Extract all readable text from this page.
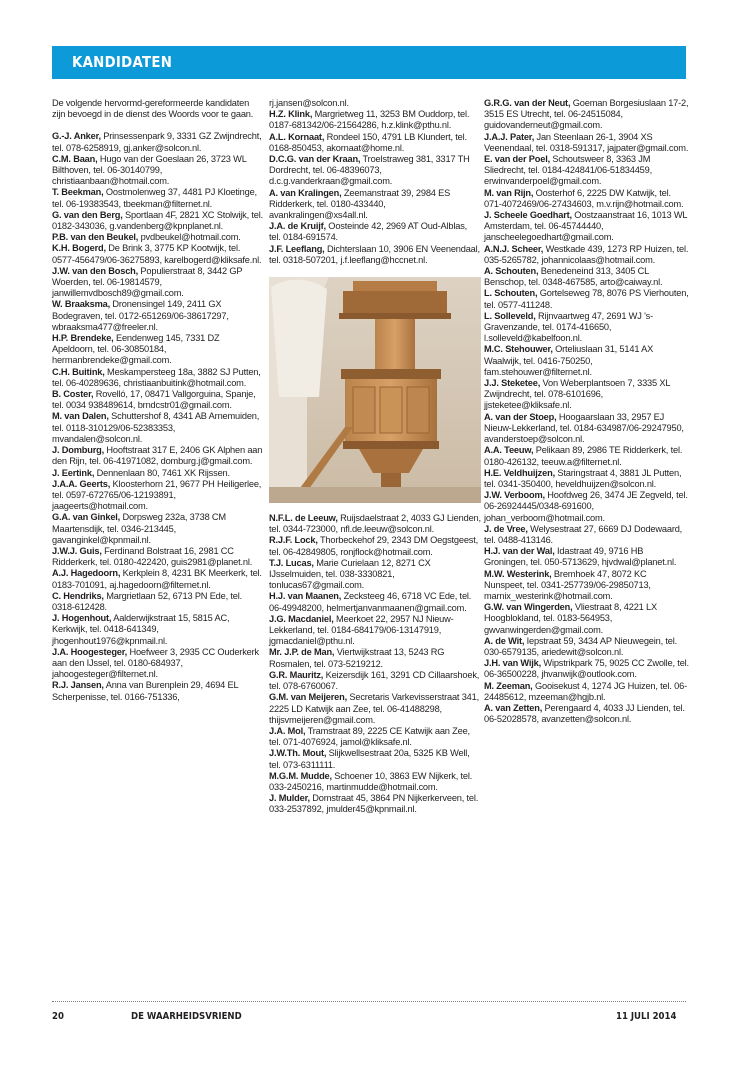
KANDIDATEN

De volgende hervormd-gereformeerde kandidaten zijn bevoegd in de dienst des Woords voor te gaan.

G.-J. Anker, Prinsessenpark 9, 3331 GZ Zwijndrecht, tel. 078-6258919, gj.anker@solcon.nl.

C.M. Baan, Hugo van der Goeslaan 26, 3723 WL Bilthoven, tel. 06-30140799, christiaanbaan@hotmail.com.

T. Beekman, Oostmolenweg 37, 4481 PJ Kloetinge, tel. 06-19383543, tbeekman@filternet.nl.

G. van den Berg, Sportlaan 4F, 2821 XC Stolwijk, tel. 0182-343036, g.vandenberg@kpnplanet.nl.

P.B. van den Beukel, pvdbeukel@hotmail.com.

K.H. Bogerd, De Brink 3, 3775 KP Kootwijk, tel. 0577-456479/06-36275893, karelbogerd@kliksafe.nl.

J.W. van den Bosch, Populierstraat 8, 3442 GP Woerden, tel. 06-19814579, janwillemvdbosch89@gmail.com.

W. Braaksma, Dronensingel 149, 2411 GX Bodegraven, tel. 0172-651269/06-38617297, wbraaksma477@freeler.nl.

H.P. Brendeke, Eendenweg 145, 7331 DZ Apeldoorn, tel. 06-30850184, hermanbrendeke@gmail.com.

C.H. Buitink, Meskampersteeg 18a, 3882 SJ Putten, tel. 06-40289636, christiaanbuitink@hotmail.com.

B. Coster, Rovelló, 17, 08471 Vallgorguina, Spanje, tel. 0034 938489614, brndcstr01@gmail.com.

M. van Dalen, Schuttershof 8, 4341 AB Arnemuiden, tel. 0118-310129/06-52383353, mvandalen@solcon.nl.

J. Domburg, Hooftstraat 317 E, 2406 GK Alphen aan den Rijn, tel. 06-41971082, domburg.j@gmail.com.

J. Eertink, Dennenlaan 80, 7461 XK Rijssen.

J.A.A. Geerts, Kloosterhorn 21, 9677 PH Heiligerlee, tel. 0597-672765/06-12193891, jaageerts@hotmail.com.

G.A. van Ginkel, Dorpsweg 232a, 3738 CM Maartensdijk, tel. 0346-213445, gavanginkel@kpnmail.nl.

J.W.J. Guis, Ferdinand Bolstraat 16, 2981 CC Ridderkerk, tel. 0180-422420, guis2981@planet.nl.

A.J. Hagedoorn, Kerkplein 8, 4231 BK Meerkerk, tel. 0183-701091, aj.hagedoorn@filternet.nl.

C. Hendriks, Margrietlaan 52, 6713 PN Ede, tel. 0318-612428.

J. Hogenhout, Aalderwijkstraat 15, 5815 AC, Kerkwijk, tel. 0418-641349, jhogenhout1976@kpnmail.nl.

J.A. Hoogesteger, Hoefweer 3, 2935 CC Ouderkerk aan den IJssel, tel. 0180-684937, jahoogesteger@filternet.nl.

R.J. Jansen, Anna van Burenplein 29, 4694 EL Scherpenisse, tel. 0166-751336,

rj.jansen@solcon.nl.

H.Z. Klink, Margrietweg 11, 3253 BM Ouddorp, tel. 0187-681342/06-21564286, h.z.klink@pthu.nl.

A.L. Kornaat, Rondeel 150, 4791 LB Klundert, tel. 0168-850453, akornaat@home.nl.

D.C.G. van der Kraan, Troelstraweg 381, 3317 TH Dordrecht, tel. 06-48396073, d.c.g.vanderkraan@gmail.com.

A. van Kralingen, Zeemanstraat 39, 2984 ES Ridderkerk, tel. 0180-433440, avankralingen@xs4all.nl.

J.A. de Kruijf, Oosteinde 42, 2969 AT Oud-Alblas, tel. 0184-691574.

J.F. Leeflang, Dichterslaan 10, 3906 EN Veenendaal, tel. 0318-507201, j.f.leeflang@hccnet.nl.

N.F.L. de Leeuw, Ruijsdaelstraat 2, 4033 GJ Lienden, tel. 0344-723000, nfl.de.leeuw@solcon.nl.

R.J.F. Lock, Thorbeckehof 29, 2343 DM Oegstgeest, tel. 06-42849805, ronjflock@hotmail.com.

T.J. Lucas, Marie Curielaan 12, 8271 CX IJsselmuiden, tel. 038-3330821, tonlucas67@gmail.com.

H.J. van Maanen, Zecksteeg 46, 6718 VC Ede, tel. 06-49948200, helmertjanvanmaanen@gmail.com.

J.G. Macdaniel, Meerkoet 22, 2957 NJ Nieuw-Lekkerland, tel. 0184-684179/06-13147919, jgmacdaniel@pthu.nl.

Mr. J.P. de Man, Viertwijkstraat 13, 5243 RG Rosmalen, tel. 073-5219212.

G.R. Mauritz, Keizersdijk 161, 3291 CD Cillaarshoek, tel. 078-6760067.

G.M. van Meijeren, Secretaris Varkevisserstraat 341, 2225 LD Katwijk aan Zee, tel. 06-41488298, thijsvmeijeren@gmail.com.

J.A. Mol, Tramstraat 89, 2225 CE Katwijk aan Zee, tel. 071-4076924, jamol@kliksafe.nl.

J.W.Th. Mout, Slijkwellsestraat 20a, 5325 KB Well, tel. 073-6311111.

M.G.M. Mudde, Schoener 10, 3863 EW Nijkerk, tel. 033-2450216, martinmudde@hotmail.com.

J. Mulder, Domstraat 45, 3864 PN Nijkerkerveen, tel. 033-2537892, jmulder45@kpnmail.nl.

G.R.G. van der Neut, Goeman Borgesiuslaan 17-2, 3515 ES Utrecht, tel. 06-24515084, guidovanderneut@gmail.com.

J.A.J. Pater, Jan Steenlaan 26-1, 3904 XS Veenendaal, tel. 0318-591317, jajpater@gmail.com.

E. van der Poel, Schoutsweer 8, 3363 JM Sliedrecht, tel. 0184-424841/06-51834459, erwinvanderpoel@gmail.com.

M. van Rijn, Oosterhof 6, 2225 DW Katwijk, tel. 071-4072469/06-27434603, m.v.rijn@hotmail.com.

J. Scheele Goedhart, Oostzaanstraat 16, 1013 WL Amsterdam, tel. 06-45744440, janscheelegoedhart@gmail.com.

A.N.J. Scheer, Westkade 439, 1273 RP Huizen, tel. 035-5265782, johannicolaas@hotmail.com.

A. Schouten, Benedeneind 313, 3405 CL Benschop, tel. 0348-467585, arto@caiway.nl.

L. Schouten, Gortelseweg 78, 8076 PS Vierhouten, tel. 0577-411248.

L. Solleveld, Rijnvaartweg 47, 2691 WJ 's-Gravenzande, tel. 0174-416650, l.solleveld@kabelfoon.nl.

M.C. Stehouwer, Orteliuslaan 31, 5141 AX Waalwijk, tel. 0416-750250, fam.stehouwer@filternet.nl.

J.J. Steketee, Von Weberplantsoen 7, 3335 XL Zwijndrecht, tel. 078-6101696, jjsteketee@kliksafe.nl.

A. van der Stoep, Hoogaarslaan 33, 2957 EJ Nieuw-Lekkerland, tel. 0184-634987/06-29247950, avanderstoep@solcon.nl.

A.A. Teeuw, Pelikaan 89, 2986 TE Ridderkerk, tel. 0180-426132, teeuw.a@filternet.nl.

H.E. Veldhuijzen, Staringstraat 4, 3881 JL Putten, tel. 0341-350400, heveldhuijzen@solcon.nl.

J.W. Verboom, Hoofdweg 26, 3474 JE Zegveld, tel. 06-26924445/0348-691600, johan_verboom@hotmail.com.

J. de Vree, Welysestraat 27, 6669 DJ Dodewaard, tel. 0488-413146.

H.J. van der Wal, Idastraat 49, 9716 HB Groningen, tel. 050-5713629, hjvdwal@planet.nl.

M.W. Westerink, Bremhoek 47, 8072 KC Nunspeet, tel. 0341-257739/06-29850713, marnix_westerink@hotmail.com.

G.W. van Wingerden, Vliestraat 8, 4221 LX Hoogblokland, tel. 0183-564953, gwvanwingerden@gmail.com.

A. de Wit, Iepstraat 59, 3434 AP Nieuwegein, tel. 030-6579135, ariedewit@solcon.nl.

J.H. van Wijk, Wipstrikpark 75, 9025 CC Zwolle, tel. 06-36500228, jhvanwijk@outlook.com.

M. Zeeman, Gooisekust 4, 1274 JG Huizen, tel. 06-24485612, mzeeman@hgjb.nl.

A. van Zetten, Perengaard 4, 4033 JJ Lienden, tel. 06-52028578, avanzetten@solcon.nl.

20	DE WAARHEIDSVRIEND	11 JULI 2014
